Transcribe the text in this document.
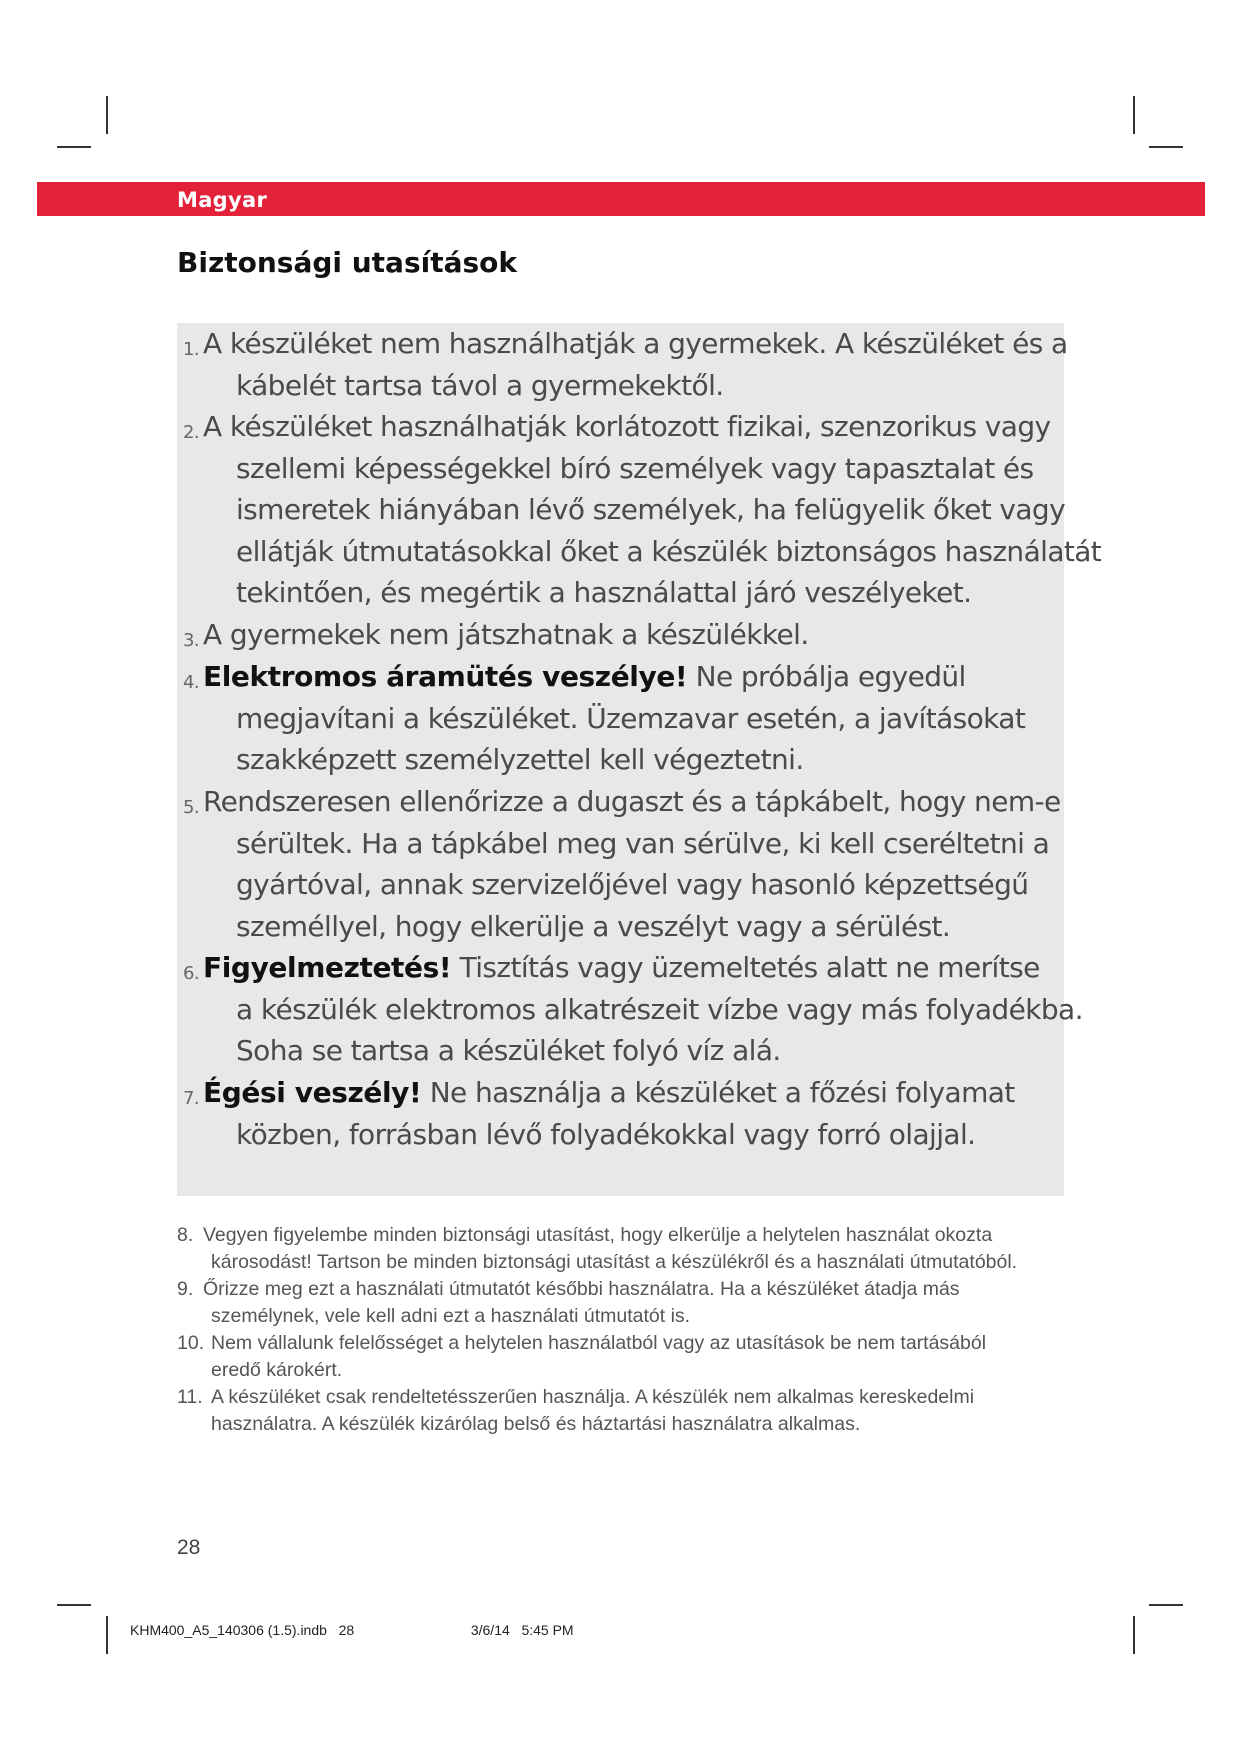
Magyar
Biztonsági utasítások
1. A készüléket nem használhatják a gyermekek. A készüléket és a
kábelét tartsa távol a gyermekektől.
2. A készüléket használhatják korlátozott fizikai, szenzorikus vagy
szellemi képességekkel bíró személyek vagy tapasztalat és
ismeretek hiányában lévő személyek, ha felügyelik őket vagy
ellátják útmutatásokkal őket a készülék biztonságos használatát
tekintően, és megértik a használattal járó veszélyeket.
3. A gyermekek nem játszhatnak a készülékkel.
4. Elektromos áramütés veszélye! Ne próbálja egyedül
megjavítani a készüléket. Üzemzavar esetén, a javításokat
szakképzett személyzettel kell végeztetni.
5. Rendszeresen ellenőrizze a dugaszt és a tápkábelt, hogy nem-e
sérültek. Ha a tápkábel meg van sérülve, ki kell cseréltetni a
gyártóval, annak szervizelőjével vagy hasonló képzettségű
személlyel, hogy elkerülje a veszélyt vagy a sérülést.
6. Figyelmeztetés! Tisztítás vagy üzemeltetés alatt ne merítse
a készülék elektromos alkatrészeit vízbe vagy más folyadékba.
Soha se tartsa a készüléket folyó víz alá.
7. Égési veszély! Ne használja a készüléket a főzési folyamat
közben, forrásban lévő folyadékokkal vagy forró olajjal.
8. Vegyen figyelembe minden biztonsági utasítást, hogy elkerülje a helytelen használat okozta
károsodást! Tartson be minden biztonsági utasítást a készülékről és a használati útmutatóból.
9. Őrizze meg ezt a használati útmutatót későbbi használatra. Ha a készüléket átadja más
személynek, vele kell adni ezt a használati útmutatót is.
10. Nem vállalunk felelősséget a helytelen használatból vagy az utasítások be nem tartásából
eredő károkért.
11. A készüléket csak rendeltetésszerűen használja. A készülék nem alkalmas kereskedelmi
használatra. A készülék kizárólag belső és háztartási használatra alkalmas.
28
KHM400_A5_140306 (1.5).indb   28                              3/6/14   5:45 PM
